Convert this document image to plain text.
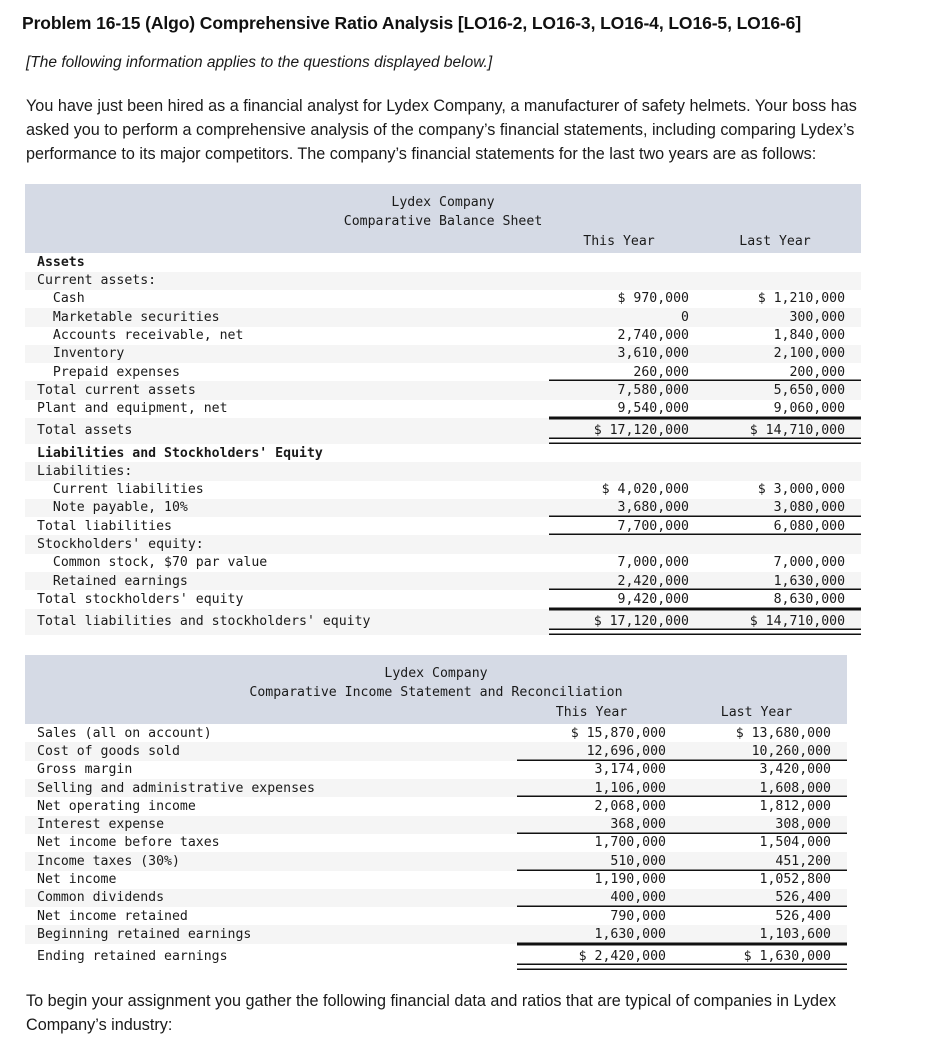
Problem 16-15 (Algo) Comprehensive Ratio Analysis [LO16-2, LO16-3, LO16-4, LO16-5, LO16-6]

[The following information applies to the questions displayed below.]

You have just been hired as a financial analyst for Lydex Company, a manufacturer of safety helmets. Your boss has asked you to perform a comprehensive analysis of the company’s financial statements, including comparing Lydex’s performance to its major competitors. The company’s financial statements for the last two years are as follows:

Lydex Company
Comparative Balance Sheet		

	This Year	Last Year
Assets		
Current assets:		
Cash	$ 970,000	$ 1,210,000
Marketable securities	0	300,000
Accounts receivable, net	2,740,000	1,840,000
Inventory	3,610,000	2,100,000
Prepaid expenses	260,000	200,000
Total current assets	7,580,000	5,650,000
Plant and equipment, net	9,540,000	9,060,000
Total assets	$ 17,120,000	$ 14,710,000
Liabilities and Stockholders' Equity		
Liabilities:		
Current liabilities	$ 4,020,000	$ 3,000,000
Note payable, 10%	3,680,000	3,080,000
Total liabilities	7,700,000	6,080,000
Stockholders' equity:		
Common stock, $70 par value	7,000,000	7,000,000
Retained earnings	2,420,000	1,630,000
Total stockholders' equity	9,420,000	8,630,000
Total liabilities and stockholders' equity	$ 17,120,000	$ 14,710,000
Lydex Company
Comparative Income Statement and Reconciliation		

	This Year	Last Year
Sales (all on account)	$ 15,870,000	$ 13,680,000
Cost of goods sold	12,696,000	10,260,000
Gross margin	3,174,000	3,420,000
Selling and administrative expenses	1,106,000	1,608,000
Net operating income	2,068,000	1,812,000
Interest expense	368,000	308,000
Net income before taxes	1,700,000	1,504,000
Income taxes (30%)	510,000	451,200
Net income	1,190,000	1,052,800
Common dividends	400,000	526,400
Net income retained	790,000	526,400
Beginning retained earnings	1,630,000	1,103,600
Ending retained earnings	$ 2,420,000	$ 1,630,000

To begin your assignment you gather the following financial data and ratios that are typical of companies in Lydex Company’s industry:
